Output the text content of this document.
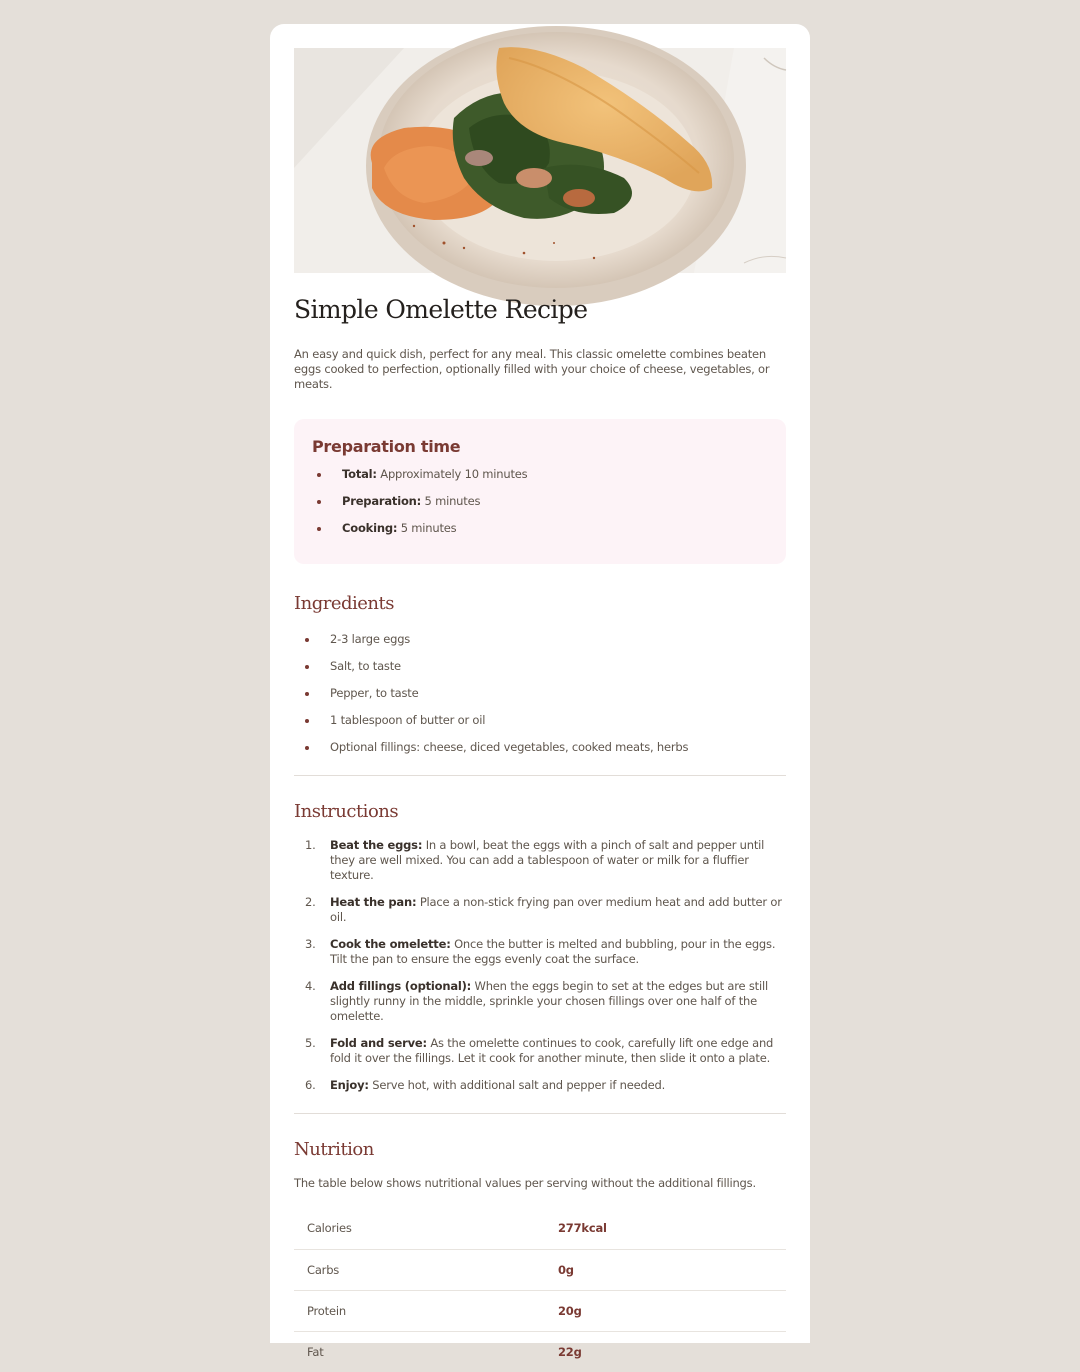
Simple Omelette Recipe

An easy and quick dish, perfect for any meal. This classic omelette combines beaten eggs cooked to perfection, optionally filled with your choice of cheese, vegetables, or meats.

Preparation time
Total: Approximately 10 minutes
Preparation: 5 minutes
Cooking: 5 minutes
Ingredients
2-3 large eggs
Salt, to taste
Pepper, to taste
1 tablespoon of butter or oil
Optional fillings: cheese, diced vegetables, cooked meats, herbs
Instructions
1. Beat the eggs: In a bowl, beat the eggs with a pinch of salt and pepper until they are well mixed. You can add a tablespoon of water or milk for a fluffier texture.
2. Heat the pan: Place a non-stick frying pan over medium heat and add butter or oil.
3. Cook the omelette: Once the butter is melted and bubbling, pour in the eggs. Tilt the pan to ensure the eggs evenly coat the surface.
4. Add fillings (optional): When the eggs begin to set at the edges but are still slightly runny in the middle, sprinkle your chosen fillings over one half of the omelette.
5. Fold and serve: As the omelette continues to cook, carefully lift one edge and fold it over the fillings. Let it cook for another minute, then slide it onto a plate.
6. Enjoy: Serve hot, with additional salt and pepper if needed.
Nutrition

The table below shows nutritional values per serving without the additional fillings.

Calories	277kcal
Carbs	0g
Protein	20g
Fat	22g
